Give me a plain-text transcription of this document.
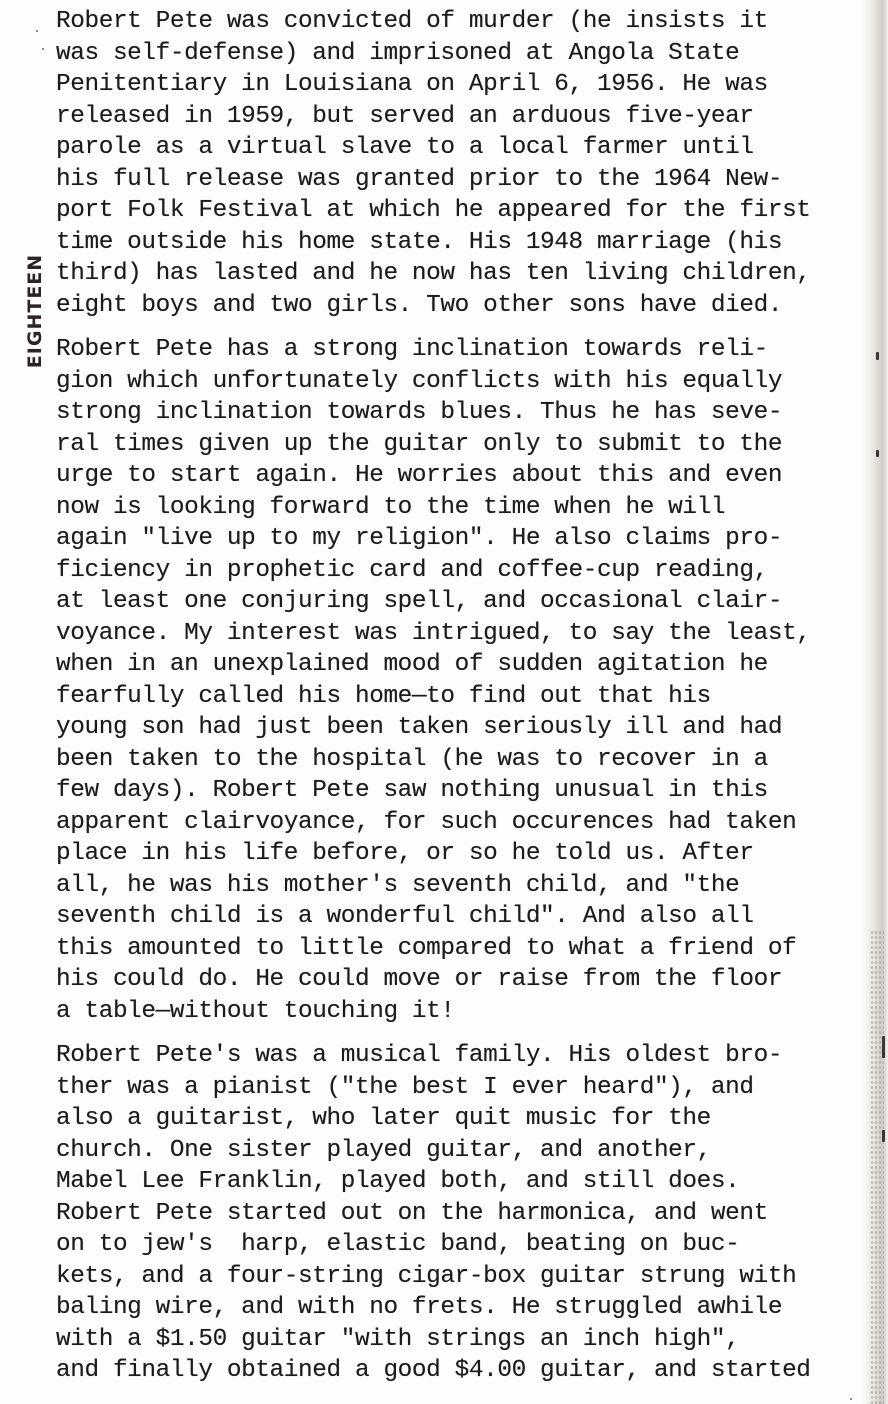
EIGHTEEN
Robert Pete was convicted of murder (he insists it
was self-defense) and imprisoned at Angola State
Penitentiary in Louisiana on April 6, 1956. He was
released in 1959, but served an arduous five-year
parole as a virtual slave to a local farmer until
his full release was granted prior to the 1964 New-
port Folk Festival at which he appeared for the first
time outside his home state. His 1948 marriage (his
third) has lasted and he now has ten living children,
eight boys and two girls. Two other sons have died.
Robert Pete has a strong inclination towards reli-
gion which unfortunately conflicts with his equally
strong inclination towards blues. Thus he has seve-
ral times given up the guitar only to submit to the
urge to start again. He worries about this and even
now is looking forward to the time when he will
again "live up to my religion". He also claims pro-
ficiency in prophetic card and coffee-cup reading,
at least one conjuring spell, and occasional clair-
voyance. My interest was intrigued, to say the least,
when in an unexplained mood of sudden agitation he
fearfully called his home—to find out that his
young son had just been taken seriously ill and had
been taken to the hospital (he was to recover in a
few days). Robert Pete saw nothing unusual in this
apparent clairvoyance, for such occurences had taken
place in his life before, or so he told us. After
all, he was his mother's seventh child, and "the
seventh child is a wonderful child". And also all
this amounted to little compared to what a friend of
his could do. He could move or raise from the floor
a table—without touching it!
Robert Pete's was a musical family. His oldest bro-
ther was a pianist ("the best I ever heard"), and
also a guitarist, who later quit music for the
church. One sister played guitar, and another,
Mabel Lee Franklin, played both, and still does.
Robert Pete started out on the harmonica, and went
on to jew's  harp, elastic band, beating on buc-
kets, and a four-string cigar-box guitar strung with
baling wire, and with no frets. He struggled awhile
with a $1.50 guitar "with strings an inch high",
and finally obtained a good $4.00 guitar, and started
